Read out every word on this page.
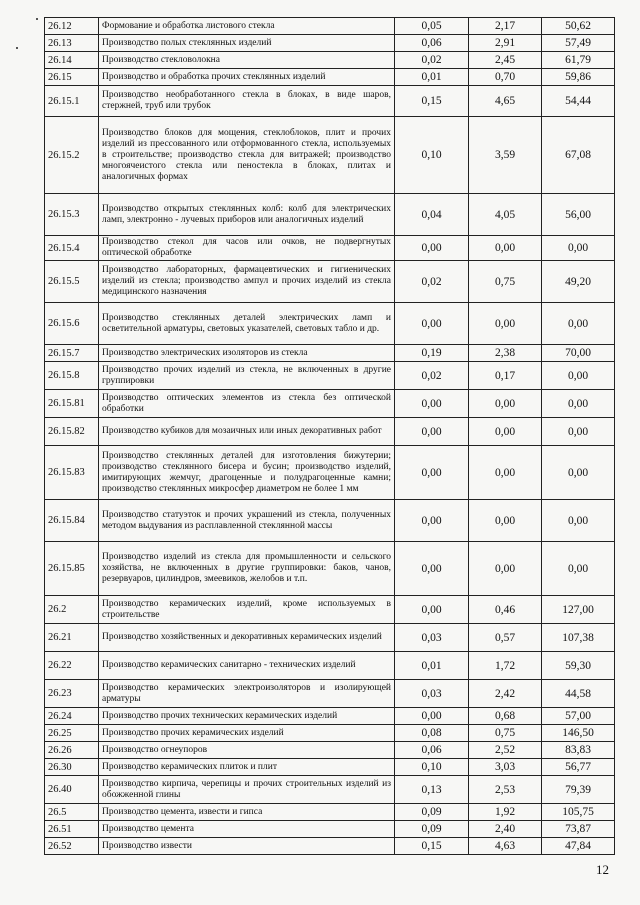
26.12	Формование и обработка листового стекла	0,05	2,17	50,62
26.13	Производство полых стеклянных изделий	0,06	2,91	57,49
26.14	Производство стекловолокна	0,02	2,45	61,79
26.15	Производство и обработка прочих стеклянных изделий	0,01	0,70	59,86
26.15.1	Производство необработанного стекла в блоках, в виде шаров, стержней, труб или трубок	0,15	4,65	54,44
26.15.2	Производство блоков для мощения, стеклоблоков, плит и прочих изделий из прессованного или отформованного стекла, используемых в строительстве; производство стекла для витражей; производство многоячеистого стекла или пеностекла в блоках, плитах и аналогичных формах	0,10	3,59	67,08
26.15.3	Производство открытых стеклянных колб: колб для электрических ламп, электронно - лучевых приборов или аналогичных изделий	0,04	4,05	56,00
26.15.4	Производство стекол для часов или очков, не подвергнутых оптической обработке	0,00	0,00	0,00
26.15.5	Производство лабораторных, фармацевтических и гигиенических изделий из стекла; производство ампул и прочих изделий из стекла медицинского назначения	0,02	0,75	49,20
26.15.6	Производство стеклянных деталей электрических ламп и осветительной арматуры, световых указателей, световых табло и др.	0,00	0,00	0,00
26.15.7	Производство электрических изоляторов из стекла	0,19	2,38	70,00
26.15.8	Производство прочих изделий из стекла, не включенных в другие группировки	0,02	0,17	0,00
26.15.81	Производство оптических элементов из стекла без оптической обработки	0,00	0,00	0,00
26.15.82	Производство кубиков для мозаичных или иных декоративных работ	0,00	0,00	0,00
26.15.83	Производство стеклянных деталей для изготовления бижутерии; производство стеклянного бисера и бусин; производство изделий, имитирующих жемчуг, драгоценные и полудрагоценные камни; производство стеклянных микросфер диаметром не более 1 мм	0,00	0,00	0,00
26.15.84	Производство статуэток и прочих украшений из стекла, полученных методом выдувания из расплавленной стеклянной массы	0,00	0,00	0,00
26.15.85	Производство изделий из стекла для промышленности и сельского хозяйства, не включенных в другие группировки: баков, чанов, резервуаров, цилиндров, змеевиков, желобов и т.п.	0,00	0,00	0,00
26.2	Производство керамических изделий, кроме используемых в строительстве	0,00	0,46	127,00
26.21	Производство хозяйственных и декоративных керамических изделий	0,03	0,57	107,38
26.22	Производство керамических санитарно - технических изделий	0,01	1,72	59,30
26.23	Производство керамических электроизоляторов и изолирующей арматуры	0,03	2,42	44,58
26.24	Производство прочих технических керамических изделий	0,00	0,68	57,00
26.25	Производство прочих керамических изделий	0,08	0,75	146,50
26.26	Производство огнеупоров	0,06	2,52	83,83
26.30	Производство керамических плиток и плит	0,10	3,03	56,77
26.40	Производство кирпича, черепицы и прочих строительных изделий из обожженной глины	0,13	2,53	79,39
26.5	Производство цемента, извести и гипса	0,09	1,92	105,75
26.51	Производство цемента	0,09	2,40	73,87
26.52	Производство извести	0,15	4,63	47,84
12
